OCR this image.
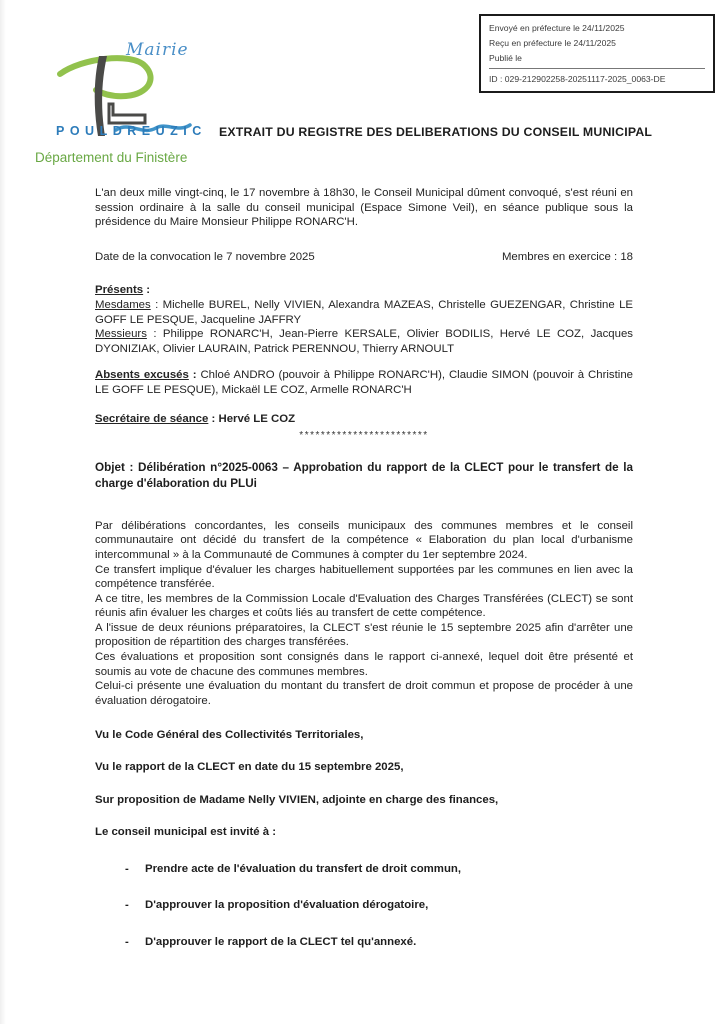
Envoyé en préfecture le 24/11/2025
Reçu en préfecture le 24/11/2025
Publié le
ID : 029-212902258-20251117-2025_0063-DE
Mairie
POULDREUZIC
Département du Finistère
EXTRAIT DU REGISTRE DES DELIBERATIONS DU CONSEIL MUNICIPAL

L'an deux mille vingt-cinq, le 17 novembre à 18h30, le Conseil Municipal dûment convoqué, s'est réuni en session ordinaire à la salle du conseil municipal (Espace Simone Veil), en séance publique sous la présidence du Maire Monsieur Philippe RONARC'H.

Date de la convocation le 7 novembre 2025	Membres en exercice : 18

Présents :

Mesdames : Michelle BUREL, Nelly VIVIEN, Alexandra MAZEAS, Christelle GUEZENGAR, Christine LE GOFF LE PESQUE, Jacqueline JAFFRY

Messieurs : Philippe RONARC'H, Jean-Pierre KERSALE, Olivier BODILIS, Hervé LE COZ, Jacques DYONIZIAK, Olivier LAURAIN, Patrick PERENNOU, Thierry ARNOULT

Absents excusés : Chloé ANDRO (pouvoir à Philippe RONARC'H), Claudie SIMON (pouvoir à Christine LE GOFF LE PESQUE), Mickaël LE COZ, Armelle RONARC'H

Secrétaire de séance : Hervé LE COZ

************************

Objet : Délibération n°2025-0063 – Approbation du rapport de la CLECT pour le transfert de la charge d'élaboration du PLUi

Par délibérations concordantes, les conseils municipaux des communes membres et le conseil communautaire ont décidé du transfert de la compétence « Elaboration du plan local d'urbanisme intercommunal » à la Communauté de Communes à compter du 1er septembre 2024.

Ce transfert implique d'évaluer les charges habituellement supportées par les communes en lien avec la compétence transférée.

A ce titre, les membres de la Commission Locale d'Evaluation des Charges Transférées (CLECT) se sont réunis afin évaluer les charges et coûts liés au transfert de cette compétence.

A l'issue de deux réunions préparatoires, la CLECT s'est réunie le 15 septembre 2025 afin d'arrêter une proposition de répartition des charges transférées.

Ces évaluations et proposition sont consignés dans le rapport ci-annexé, lequel doit être présenté et soumis au vote de chacune des communes membres.

Celui-ci présente une évaluation du montant du transfert de droit commun et propose de procéder à une évaluation dérogatoire.

Vu le Code Général des Collectivités Territoriales,

Vu le rapport de la CLECT en date du 15 septembre 2025,

Sur proposition de Madame Nelly VIVIEN, adjointe en charge des finances,

Le conseil municipal est invité à :

-	Prendre acte de l'évaluation du transfert de droit commun,
-	D'approuver la proposition d'évaluation dérogatoire,
-	D'approuver le rapport de la CLECT tel qu'annexé.
